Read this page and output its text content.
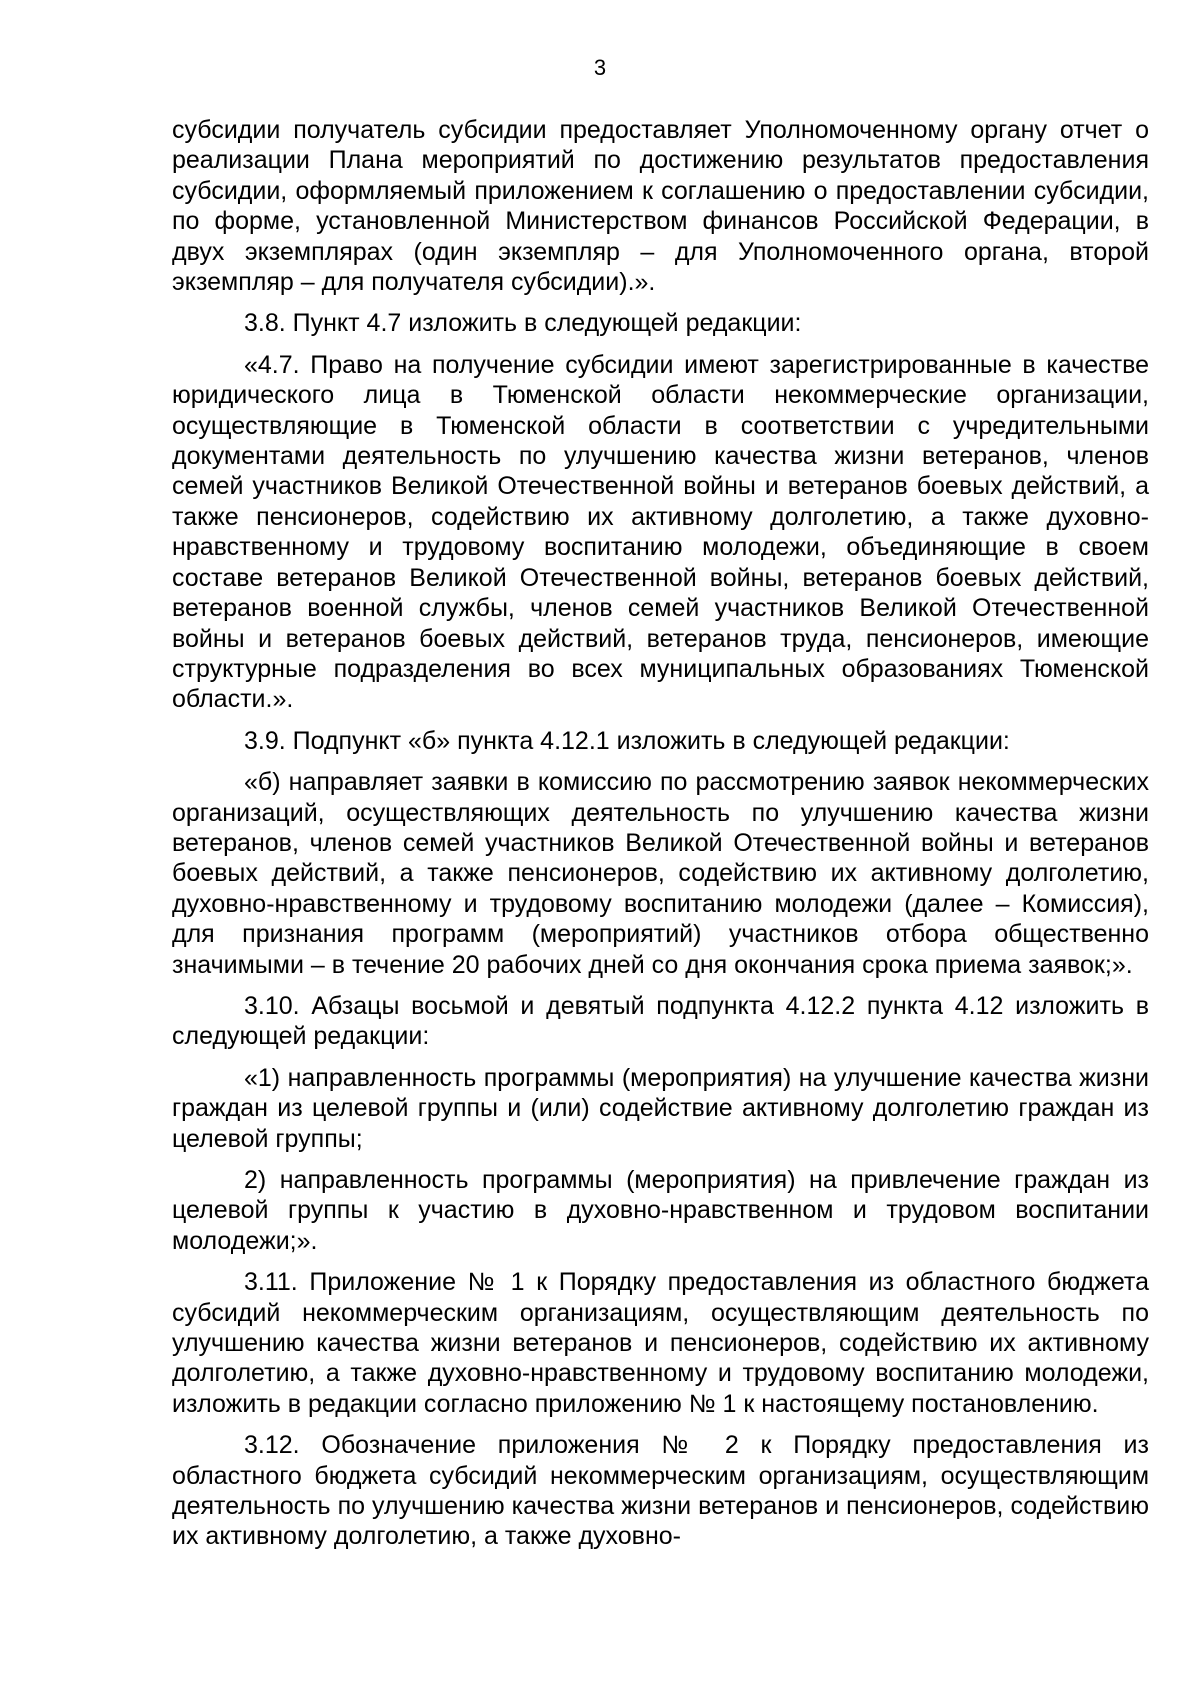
3

субсидии получатель субсидии предоставляет Уполномоченному органу отчет о реализации Плана мероприятий по достижению результатов предоставления субсидии, оформляемый приложением к соглашению о предоставлении субсидии, по форме, установленной Министерством финансов Российской Федерации, в двух экземплярах (один экземпляр – для Уполномоченного органа, второй экземпляр – для получателя субсидии).».

3.8. Пункт 4.7 изложить в следующей редакции:

«4.7. Право на получение субсидии имеют зарегистрированные в качестве юридического лица в Тюменской области некоммерческие организации, осуществляющие в Тюменской области в соответствии с учредительными документами деятельность по улучшению качества жизни ветеранов, членов семей участников Великой Отечественной войны и ветеранов боевых действий, а также пенсионеров, содействию их активному долголетию, а также духовно-нравственному и трудовому воспитанию молодежи, объединяющие в своем составе ветеранов Великой Отечественной войны, ветеранов боевых действий, ветеранов военной службы, членов семей участников Великой Отечественной войны и ветеранов боевых действий, ветеранов труда, пенсионеров, имеющие структурные подразделения во всех муниципальных образованиях Тюменской области.».

3.9. Подпункт «б» пункта 4.12.1 изложить в следующей редакции:

«б) направляет заявки в комиссию по рассмотрению заявок некоммерческих организаций, осуществляющих деятельность по улучшению качества жизни ветеранов, членов семей участников Великой Отечественной войны и ветеранов боевых действий, а также пенсионеров, содействию их активному долголетию, духовно-нравственному и трудовому воспитанию молодежи (далее – Комиссия), для признания программ (мероприятий) участников отбора общественно значимыми – в течение 20 рабочих дней со дня окончания срока приема заявок;».

3.10. Абзацы восьмой и девятый подпункта 4.12.2 пункта 4.12 изложить в следующей редакции:

«1) направленность программы (мероприятия) на улучшение качества жизни граждан из целевой группы и (или) содействие активному долголетию граждан из целевой группы;

2) направленность программы (мероприятия) на привлечение граждан из целевой группы к участию в духовно-нравственном и трудовом воспитании молодежи;».

3.11. Приложение № 1 к Порядку предоставления из областного бюджета субсидий некоммерческим организациям, осуществляющим деятельность по улучшению качества жизни ветеранов и пенсионеров, содействию их активному долголетию, а также духовно-нравственному и трудовому воспитанию молодежи, изложить в редакции согласно приложению № 1 к настоящему постановлению.

3.12. Обозначение приложения № 2 к Порядку предоставления из областного бюджета субсидий некоммерческим организациям, осуществляющим деятельность по улучшению качества жизни ветеранов и пенсионеров, содействию их активному долголетию, а также духовно-
